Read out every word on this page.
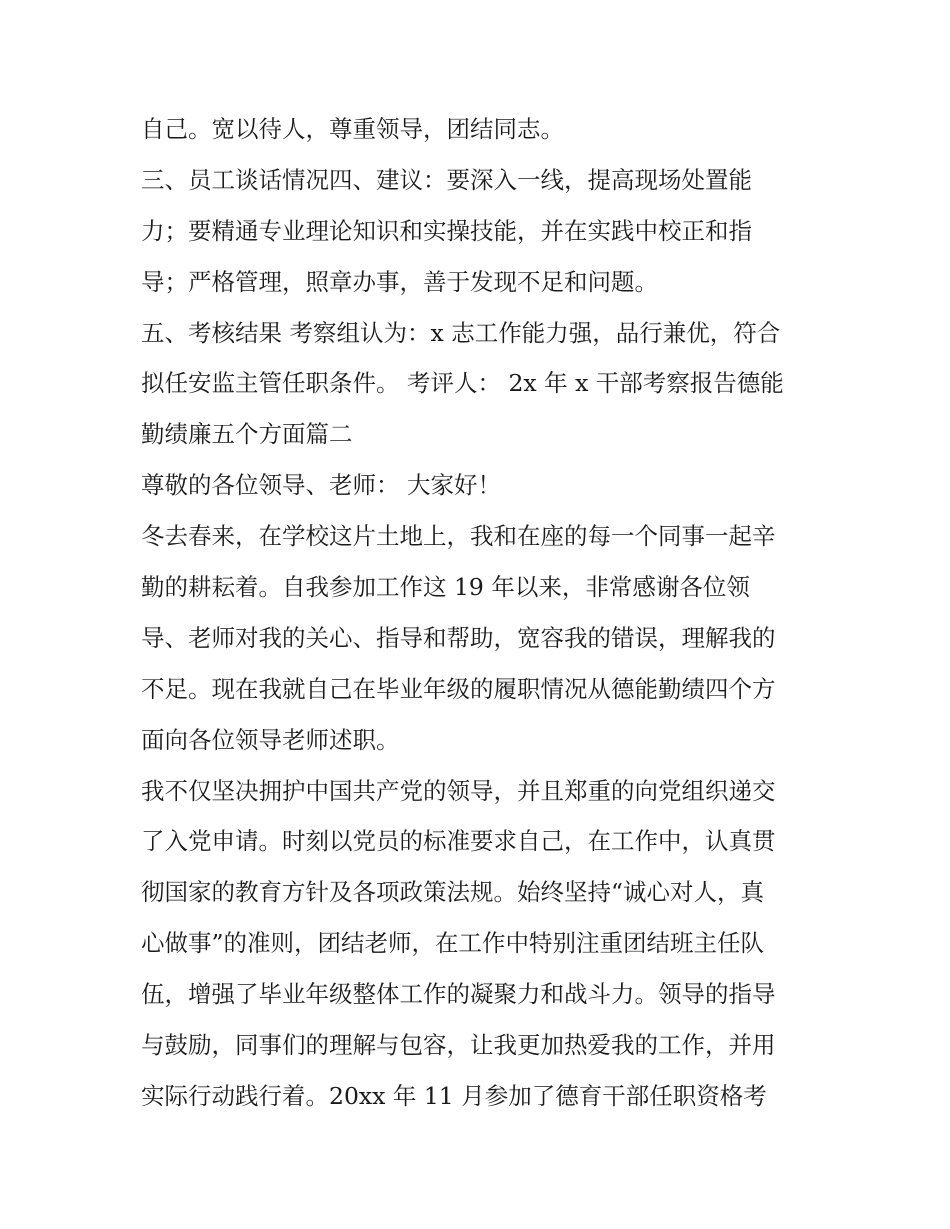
自己。宽以待人，尊重领导，团结同志。
三、员工谈话情况四、建议：要深入一线，提高现场处置能
力；要精通专业理论知识和实操技能，并在实践中校正和指
导；严格管理，照章办事，善于发现不足和问题。
五、考核结果 考察组认为：x 志工作能力强，品行兼优，符合
拟任安监主管任职条件。 考评人： 2x 年 x 干部考察报告德能
勤绩廉五个方面篇二
尊敬的各位领导、老师： 大家好！
冬去春来，在学校这片土地上，我和在座的每一个同事一起辛
勤的耕耘着。自我参加工作这 19 年以来，非常感谢各位领
导、老师对我的关心、指导和帮助，宽容我的错误，理解我的
不足。现在我就自己在毕业年级的履职情况从德能勤绩四个方
面向各位领导老师述职。
我不仅坚决拥护中国共产党的领导，并且郑重的向党组织递交
了入党申请。时刻以党员的标准要求自己，在工作中，认真贯
彻国家的教育方针及各项政策法规。始终坚持“诚心对人，真
心做事”的准则，团结老师，在工作中特别注重团结班主任队
伍，增强了毕业年级整体工作的凝聚力和战斗力。领导的指导
与鼓励，同事们的理解与包容，让我更加热爱我的工作，并用
实际行动践行着。20xx 年 11 月参加了德育干部任职资格考
